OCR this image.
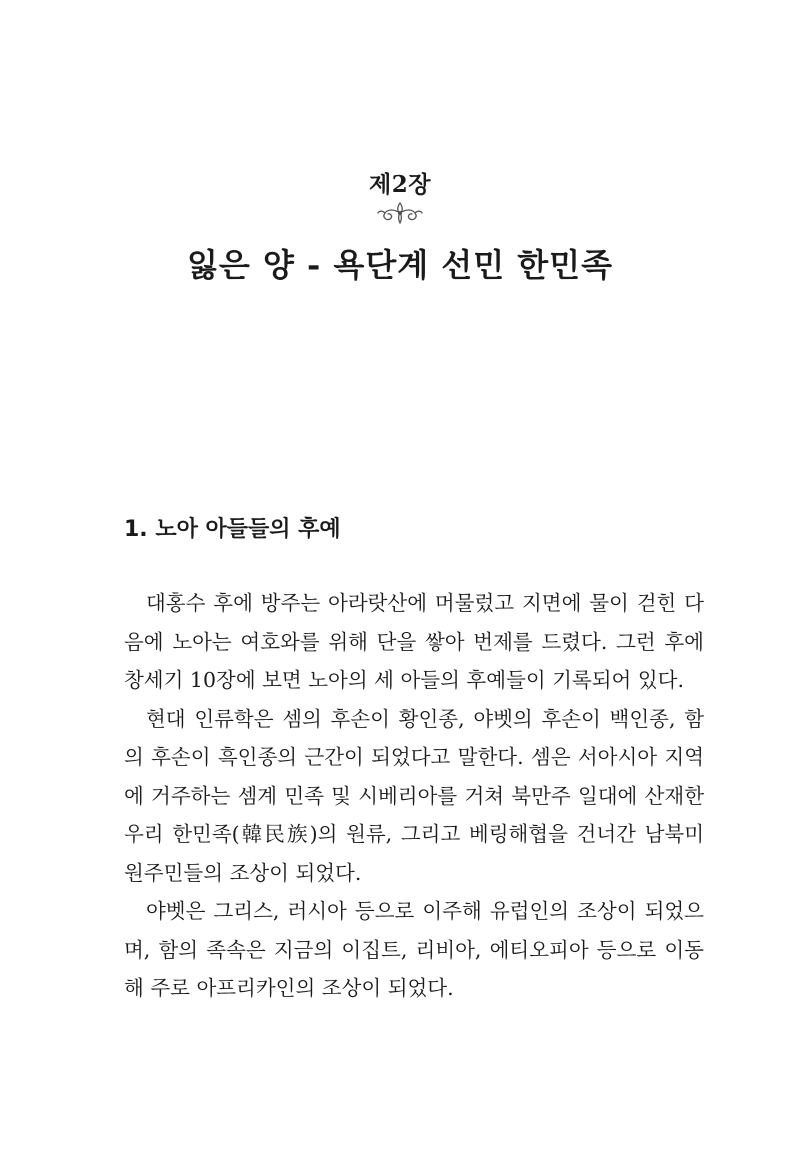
제2장
잃은 양 - 욕단계 선민 한민족
1. 노아 아들들의 후예

대홍수 후에 방주는 아라랏산에 머물렀고 지면에 물이 걷힌 다음에 노아는 여호와를 위해 단을 쌓아 번제를 드렸다. 그런 후에 창세기 10장에 보면 노아의 세 아들의 후예들이 기록되어 있다.

현대 인류학은 셈의 후손이 황인종, 야벳의 후손이 백인종, 함의 후손이 흑인종의 근간이 되었다고 말한다. 셈은 서아시아 지역에 거주하는 셈계 민족 및 시베리아를 거쳐 북만주 일대에 산재한 우리 한민족(韓民族)의 원류, 그리고 베링해협을 건너간 남북미 원주민들의 조상이 되었다.

야벳은 그리스, 러시아 등으로 이주해 유럽인의 조상이 되었으며, 함의 족속은 지금의 이집트, 리비아, 에티오피아 등으로 이동해 주로 아프리카인의 조상이 되었다.
